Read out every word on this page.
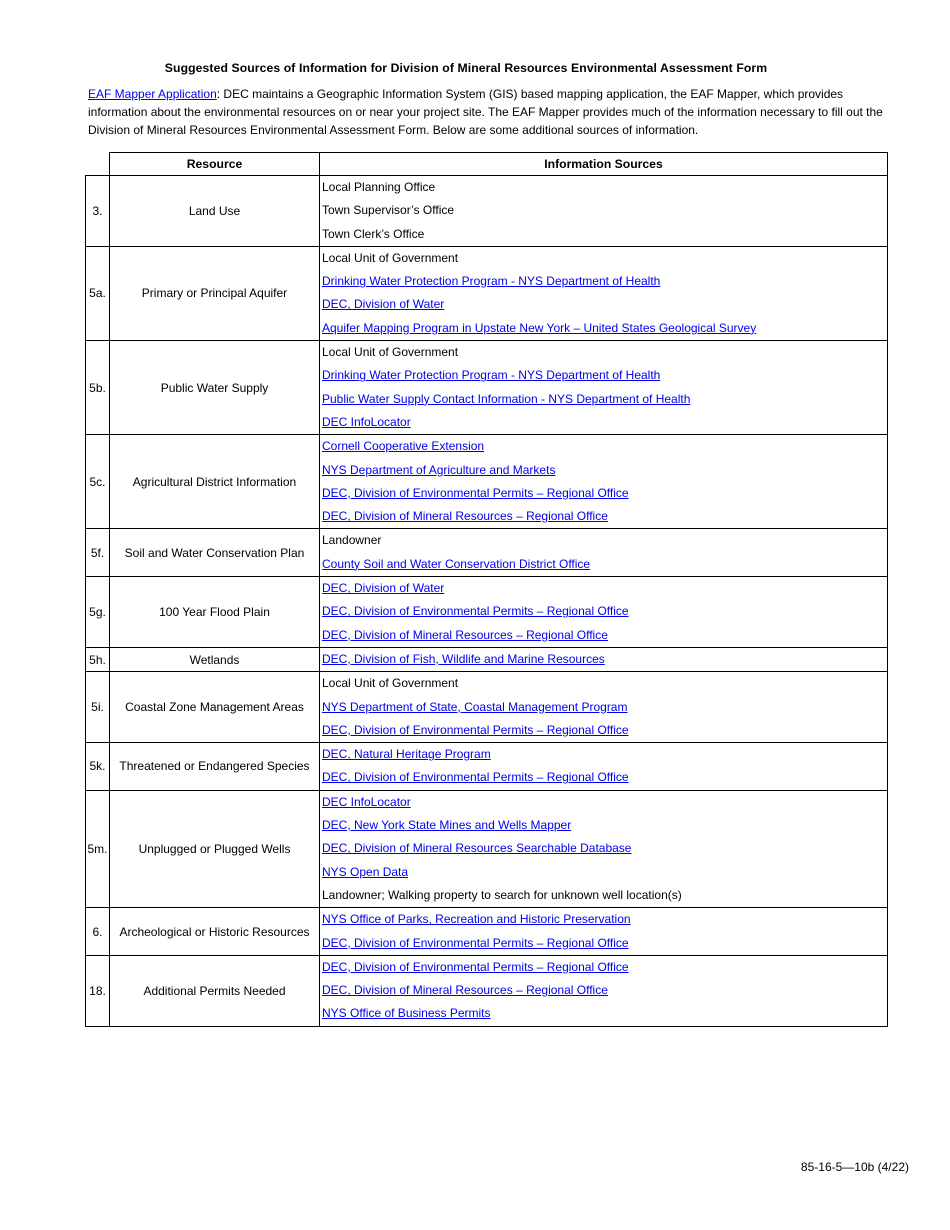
Suggested Sources of Information for Division of Mineral Resources Environmental Assessment Form
EAF Mapper Application: DEC maintains a Geographic Information System (GIS) based mapping application, the EAF Mapper, which provides information about the environmental resources on or near your project site. The EAF Mapper provides much of the information necessary to fill out the Division of Mineral Resources Environmental Assessment Form. Below are some additional sources of information.
	Resource	Information Sources
3.	Land Use	Local Planning Office
Town Supervisor’s Office
Town Clerk’s Office

5a.	Primary or Principal Aquifer	Local Unit of Government
Drinking Water Protection Program - NYS Department of Health
DEC, Division of Water
Aquifer Mapping Program in Upstate New York – United States Geological Survey

5b.	Public Water Supply	Local Unit of Government
Drinking Water Protection Program - NYS Department of Health
Public Water Supply Contact Information - NYS Department of Health
DEC InfoLocator

5c.	Agricultural District Information	Cornell Cooperative Extension
NYS Department of Agriculture and Markets
DEC, Division of Environmental Permits – Regional Office
DEC, Division of Mineral Resources – Regional Office

5f.	Soil and Water Conservation Plan	Landowner
County Soil and Water Conservation District Office

5g.	100 Year Flood Plain	DEC, Division of Water
DEC, Division of Environmental Permits – Regional Office
DEC, Division of Mineral Resources – Regional Office

5h.	Wetlands	DEC, Division of Fish, Wildlife and Marine Resources

5i.	Coastal Zone Management Areas	Local Unit of Government
NYS Department of State, Coastal Management Program
DEC, Division of Environmental Permits – Regional Office

5k.	Threatened or Endangered Species	DEC, Natural Heritage Program
DEC, Division of Environmental Permits – Regional Office

5m.	Unplugged or Plugged Wells	DEC InfoLocator
DEC, New York State Mines and Wells Mapper
DEC, Division of Mineral Resources Searchable Database
NYS Open Data
Landowner; Walking property to search for unknown well location(s)

6.	Archeological or Historic Resources	NYS Office of Parks, Recreation and Historic Preservation
DEC, Division of Environmental Permits – Regional Office

18.	Additional Permits Needed	DEC, Division of Environmental Permits – Regional Office
DEC, Division of Mineral Resources – Regional Office
NYS Office of Business Permits
85-16-5—10b (4/22)
